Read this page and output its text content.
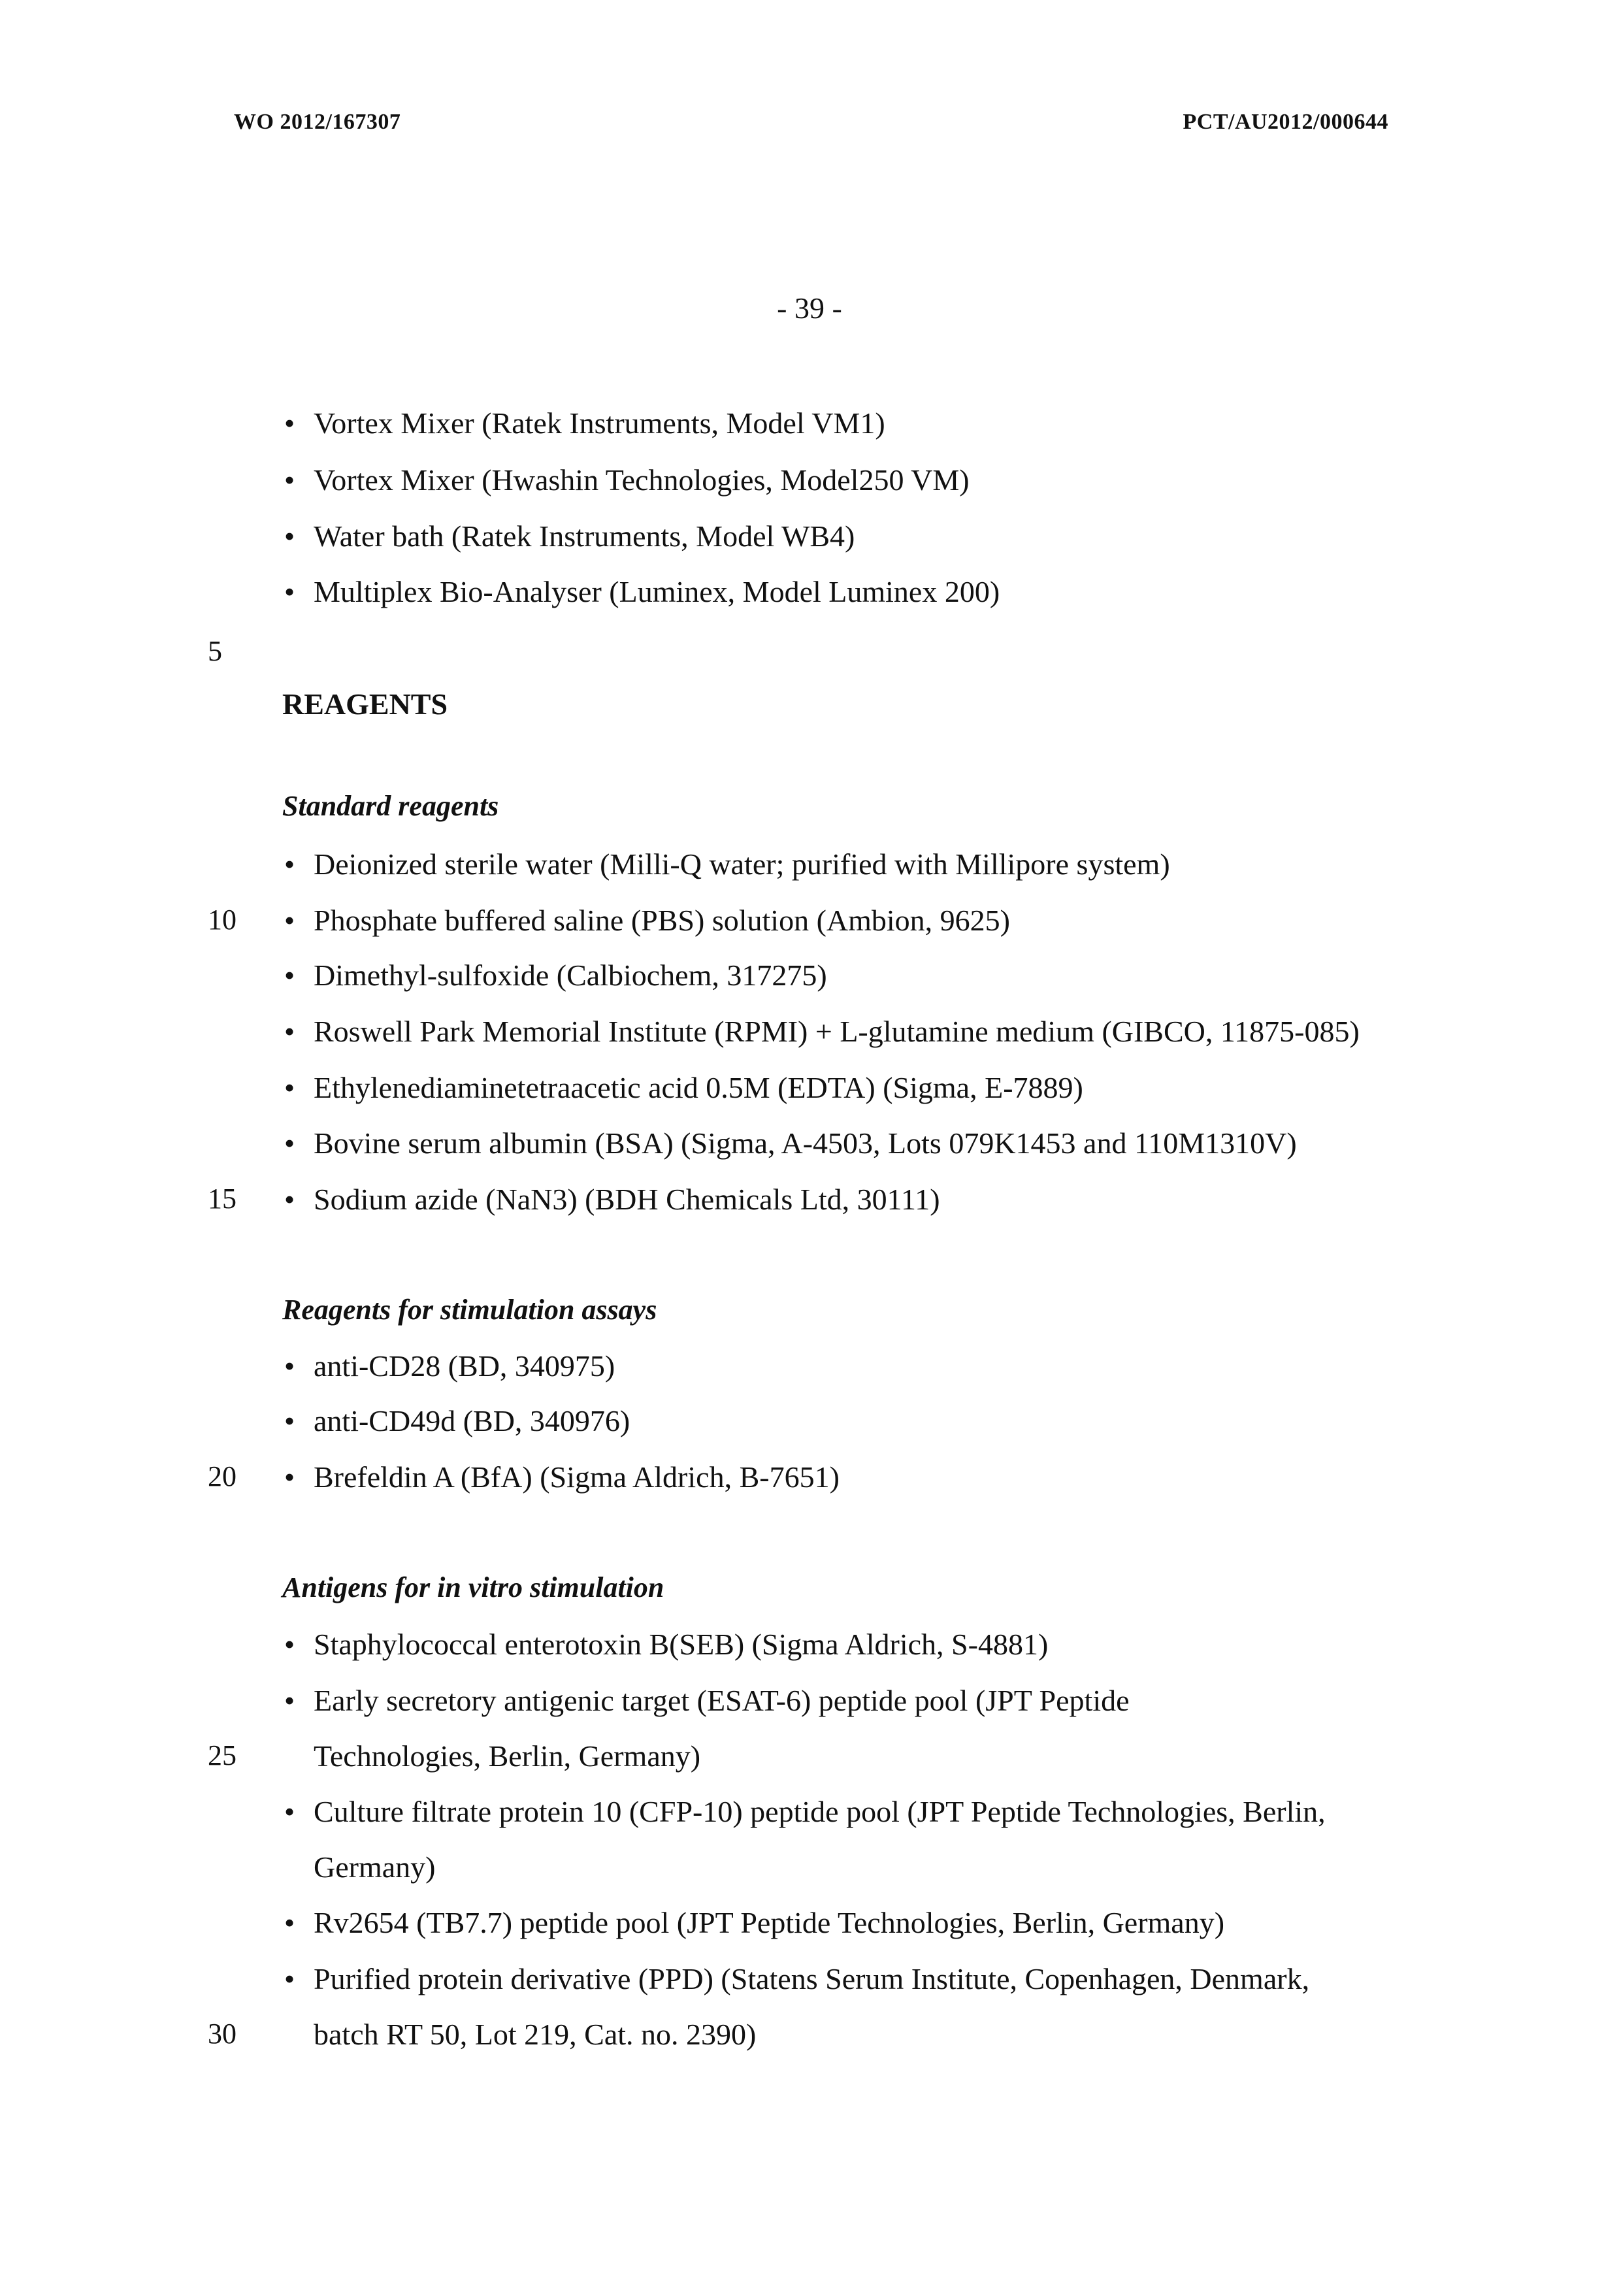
WO 2012/167307	PCT/AU2012/000644
- 39 -
• Vortex Mixer (Ratek Instruments, Model VM1)
• Vortex Mixer (Hwashin Technologies, Model250 VM)
• Water bath (Ratek Instruments, Model WB4)
• Multiplex Bio-Analyser (Luminex, Model Luminex 200)
5
REAGENTS
Standard reagents
• Deionized sterile water (Milli-Q water; purified with Millipore system)
• Phosphate buffered saline (PBS) solution (Ambion, 9625)
• Dimethyl-sulfoxide (Calbiochem, 317275)
• Roswell Park Memorial Institute (RPMI) + L-glutamine medium (GIBCO, 11875-085)
• Ethylenediaminetetraacetic acid 0.5M (EDTA) (Sigma, E-7889)
• Bovine serum albumin (BSA) (Sigma, A-4503, Lots 079K1453 and 110M1310V)
• Sodium azide (NaN3) (BDH Chemicals Ltd, 30111)
10
15
Reagents for stimulation assays
• anti-CD28 (BD, 340975)
• anti-CD49d (BD, 340976)
• Brefeldin A (BfA) (Sigma Aldrich, B-7651)
20
Antigens for in vitro stimulation
• Staphylococcal enterotoxin B(SEB) (Sigma Aldrich, S-4881)
• Early secretory antigenic target (ESAT-6) peptide pool (JPT Peptide
Technologies, Berlin, Germany)
• Culture filtrate protein 10 (CFP-10) peptide pool (JPT Peptide Technologies, Berlin,
Germany)
• Rv2654 (TB7.7) peptide pool (JPT Peptide Technologies, Berlin, Germany)
• Purified protein derivative (PPD) (Statens Serum Institute, Copenhagen, Denmark,
batch RT 50, Lot 219, Cat. no. 2390)
25
30
